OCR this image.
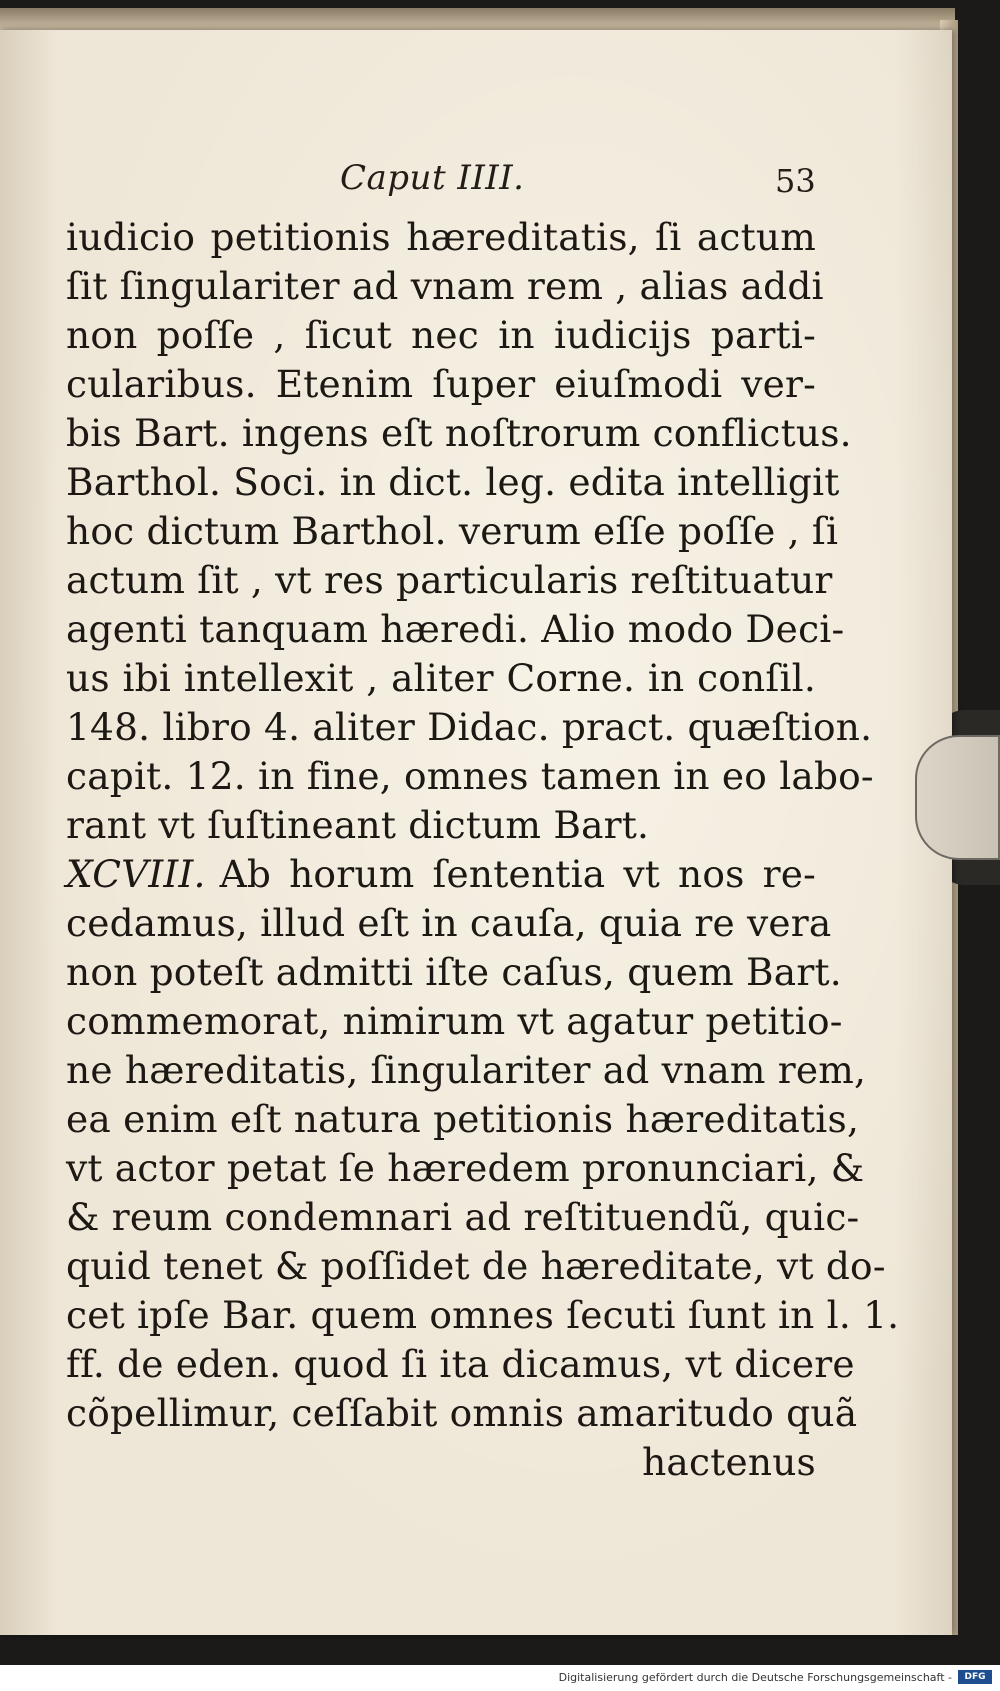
Caput IIII.	53
iudicio petitionis hæreditatis, ſi actum
ſit ſingulariter ad vnam rem , alias addi
non poſſe , ſicut nec in iudicijs parti-
cularibus. Etenim ſuper eiuſmodi ver-
bis Bart. ingens eſt noſtrorum conflictus.
Barthol. Soci. in dict. leg. edita intelligit
hoc dictum Barthol. verum eſſe poſſe , ſi
actum ſit , vt res particularis reſtituatur
agenti tanquam hæredi. Alio modo Deci-
us ibi intellexit , aliter Corne. in conſil.
148. libro 4. aliter Didac. pract. quæſtion.
capit. 12. in fine, omnes tamen in eo labo-
rant vt ſuſtineant dictum Bart.
XCVIII. Ab horum ſententia vt nos re-
cedamus, illud eſt in cauſa, quia re vera
non poteſt admitti iſte caſus, quem Bart.
commemorat, nimirum vt agatur petitio-
ne hæreditatis, ſingulariter ad vnam rem,
ea enim eſt natura petitionis hæreditatis,
vt actor petat ſe hæredem pronunciari, &
& reum condemnari ad reſtituendũ, quic-
quid tenet & poſſidet de hæreditate, vt do-
cet ipſe Bar. quem omnes ſecuti ſunt in l. 1.
ff. de eden. quod ſi ita dicamus, vt dicere
cõpellimur, ceſſabit omnis amaritudo quã
hactenus
Digitalisierung gefördert durch die Deutsche Forschungsgemeinschaft -	DFG
